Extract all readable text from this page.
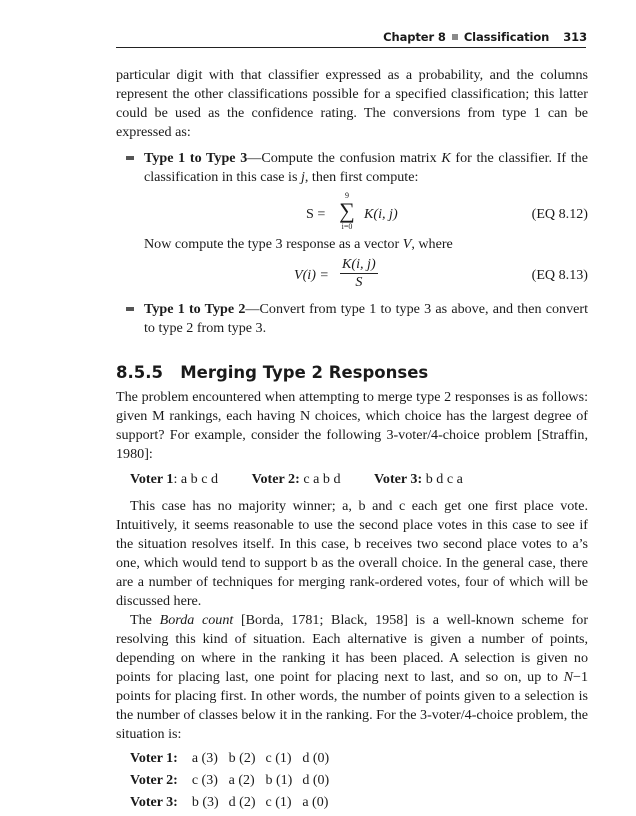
Chapter 8 Classification 313

particular digit with that classifier expressed as a probability, and the columns represent the other classifications possible for a specified classification; this latter could be used as the confidence rating. The conversions from type 1 can be expressed as:

Type 1 to Type 3—Compute the confusion matrix K for the classifier. If the classification in this case is j, then first compute:
S =
9
∑
i=0
K(i, j)	(EQ 8.12)
Now compute the type 3 response as a vector V, where
$V(i) = \frac{K(i, j)}{S}$	(EQ 8.13)
Type 1 to Type 2—Convert from type 1 to type 3 as above, and then convert to type 2 from type 3.
8.5.5 Merging Type 2 Responses

The problem encountered when attempting to merge type 2 responses is as follows: given M rankings, each having N choices, which choice has the largest degree of support? For example, consider the following 3-voter/4-choice problem [Straffin, 1980]:

Voter 1: a b c d Voter 2: c a b d Voter 3: b d c a

This case has no majority winner; a, b and c each get one first place vote. Intuitively, it seems reasonable to use the second place votes in this case to see if the situation resolves itself. In this case, b receives two second place votes to a’s one, which would tend to support b as the overall choice. In the general case, there are a number of techniques for merging rank-ordered votes, four of which will be discussed here.

The Borda count [Borda, 1781; Black, 1958] is a well-known scheme for resolving this kind of situation. Each alternative is given a number of points, depending on where in the ranking it has been placed. A selection is given no points for placing last, one point for placing next to last, and so on, up to N−1 points for placing first. In other words, the number of points given to a selection is the number of classes below it in the ranking. For the 3-voter/4-choice problem, the situation is:

Voter 1:	a (3)	b (2)	c (1)	d (0)
Voter 2:	c (3)	a (2)	b (1)	d (0)
Voter 3:	b (3)	d (2)	c (1)	a (0)
